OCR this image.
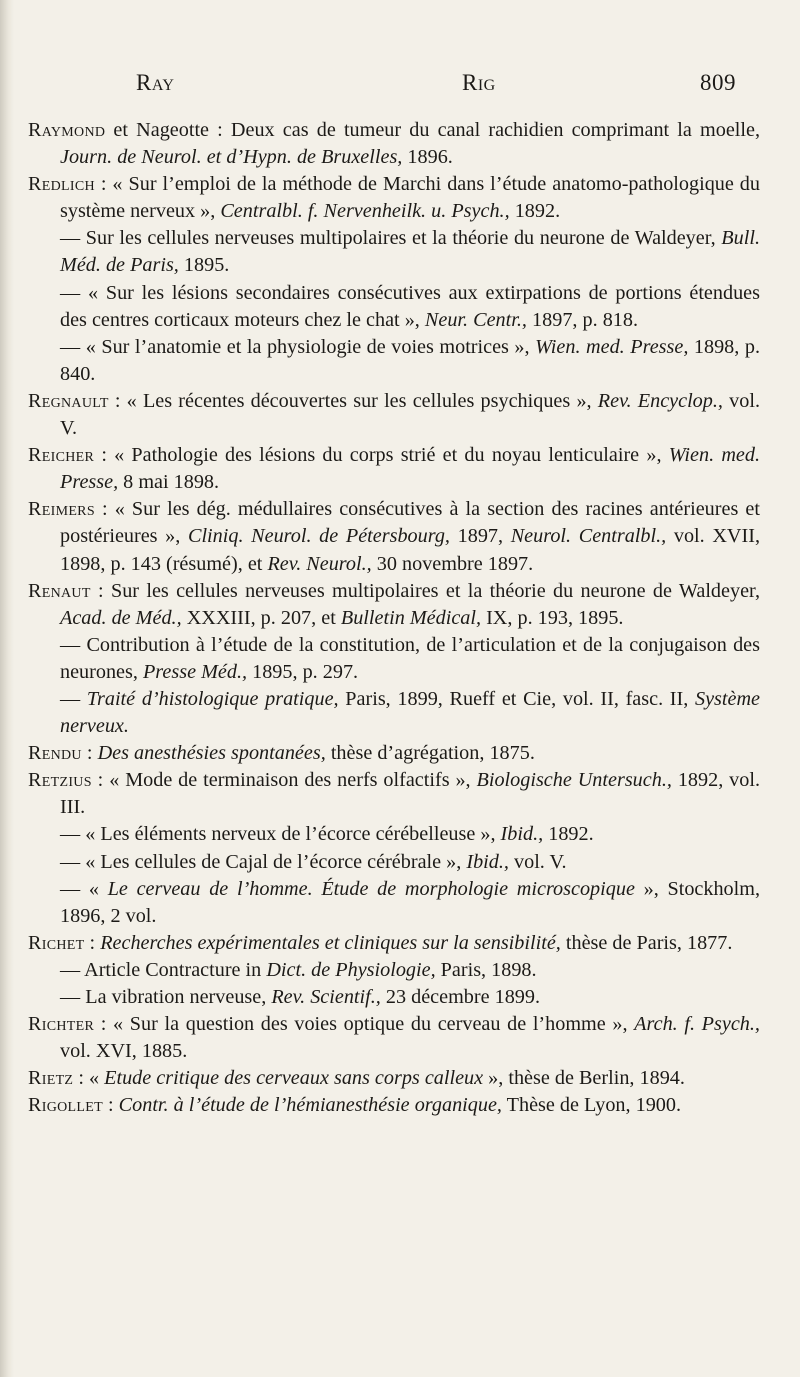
Ray	Rig	809

Raymond et Nageotte : Deux cas de tumeur du canal rachidien comprimant la moelle, Journ. de Neurol. et d’Hypn. de Bruxelles, 1896.

Redlich : « Sur l’emploi de la méthode de Marchi dans l’étude anatomo-pathologique du système nerveux », Centralbl. f. Nervenheilk. u. Psych., 1892.

— Sur les cellules nerveuses multipolaires et la théorie du neurone de Waldeyer, Bull. Méd. de Paris, 1895.

— « Sur les lésions secondaires consécutives aux extirpations de portions étendues des centres corticaux moteurs chez le chat », Neur. Centr., 1897, p. 818.

— « Sur l’anatomie et la physiologie de voies motrices », Wien. med. Presse, 1898, p. 840.

Regnault : « Les récentes découvertes sur les cellules psychiques », Rev. Encyclop., vol. V.

Reicher : « Pathologie des lésions du corps strié et du noyau lenticulaire », Wien. med. Presse, 8 mai 1898.

Reimers : « Sur les dég. médullaires consécutives à la section des racines antérieures et postérieures », Cliniq. Neurol. de Pétersbourg, 1897, Neurol. Centralbl., vol. XVII, 1898, p. 143 (résumé), et Rev. Neurol., 30 novembre 1897.

Renaut : Sur les cellules nerveuses multipolaires et la théorie du neurone de Waldeyer, Acad. de Méd., XXXIII, p. 207, et Bulletin Médical, IX, p. 193, 1895.

— Contribution à l’étude de la constitution, de l’articulation et de la conjugaison des neurones, Presse Méd., 1895, p. 297.

— Traité d’histologique pratique, Paris, 1899, Rueff et Cie, vol. II, fasc. II, Système nerveux.

Rendu : Des anesthésies spontanées, thèse d’agrégation, 1875.

Retzius : « Mode de terminaison des nerfs olfactifs », Biologische Untersuch., 1892, vol. III.

— « Les éléments nerveux de l’écorce cérébelleuse », Ibid., 1892.

— « Les cellules de Cajal de l’écorce cérébrale », Ibid., vol. V.

— « Le cerveau de l’homme. Étude de morphologie microscopique », Stockholm, 1896, 2 vol.

Richet : Recherches expérimentales et cliniques sur la sensibilité, thèse de Paris, 1877.

— Article Contracture in Dict. de Physiologie, Paris, 1898.

— La vibration nerveuse, Rev. Scientif., 23 décembre 1899.

Richter : « Sur la question des voies optique du cerveau de l’homme », Arch. f. Psych., vol. XVI, 1885.

Rietz : « Etude critique des cerveaux sans corps calleux », thèse de Berlin, 1894.

Rigollet : Contr. à l’étude de l’hémianesthésie organique, Thèse de Lyon, 1900.
